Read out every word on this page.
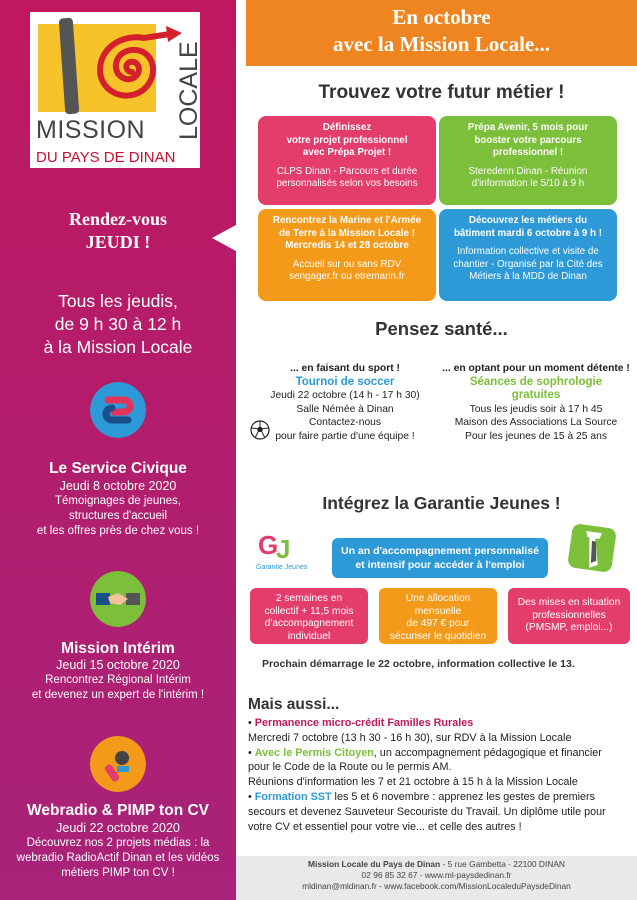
MISSION LOCALE
DU PAYS DE DINAN
Rendez-vous
JEUDI !
Tous les jeudis,
de 9 h 30 à 12 h
à la Mission Locale
Le Service Civique
Jeudi 8 octobre 2020
Témoignages de jeunes,
structures d'accueil
et les offres près de chez vous !
Mission Intérim
Jeudi 15 octobre 2020
Rencontrez Régional Intérim
et devenez un expert de l'intérim !
Webradio & PIMP ton CV
Jeudi 22 octobre 2020
Découvrez nos 2 projets médias : la
webradio RadioActif Dinan et les vidéos
métiers PIMP ton CV !
En octobre
avec la Mission Locale...
Trouvez votre futur métier !
Définissez
votre projet professionnel
avec Prépa Projet !
CLPS Dinan - Parcours et durée
personnalisés selon vos besoins
Prépa Avenir, 5 mois pour
booster votre parcours
professionnel !
Steredenn Dinan - Réunion
d'information le 5/10 à 9 h
Rencontrez la Marine et l'Armée
de Terre à la Mission Locale !
Mercredis 14 et 28 octobre
Accueil sur ou sans RDV
sengager.fr ou etremarin.fr
Découvrez les métiers du
bâtiment mardi 6 octobre à 9 h !
Information collective et visite de
chantier - Organisé par la Cité des
Métiers à la MDD de Dinan
Pensez santé...
... en faisant du sport !
Tournoi de soccer
Jeudi 22 octobre (14 h - 17 h 30)
Salle Némée à Dinan
Contactez-nous
pour faire partie d'une équipe !
... en optant pour un moment détente !
Séances de sophrologie
gratuites
Tous les jeudis soir à 17 h 45
Maison des Associations La Source
Pour les jeunes de 15 à 25 ans
Intégrez la Garantie Jeunes !
G
J
Garantie Jeunes
Un an d'accompagnement personnalisé
et intensif pour accéder à l'emploi
2 semaines en
collectif + 11,5 mois
d'accompagnement
individuel
Une allocation
mensuelle
de 497 € pour
sécuriser le quotidien
Des mises en situation
professionnelles
(PMSMP, emploi...)
Prochain démarrage le 22 octobre, information collective le 13.
Mais aussi...
• Permanence micro-crédit Familles Rurales
Mercredi 7 octobre (13 h 30 - 16 h 30), sur RDV à la Mission Locale
• Avec le Permis Citoyen, un accompagnement pédagogique et financier
pour le Code de la Route ou le permis AM.
Réunions d'information les 7 et 21 octobre à 15 h à la Mission Locale
• Formation SST les 5 et 6 novembre : apprenez les gestes de premiers
secours et devenez Sauveteur Secouriste du Travail. Un diplôme utile pour
votre CV et essentiel pour votre vie... et celle des autres !
Mission Locale du Pays de Dinan - 5 rue Gambetta - 22100 DINAN
02 96 85 32 67 - www.ml-paysdedinan.fr
mldinan@mldinan.fr - www.facebook.com/MissionLocaleduPaysdeDinan
